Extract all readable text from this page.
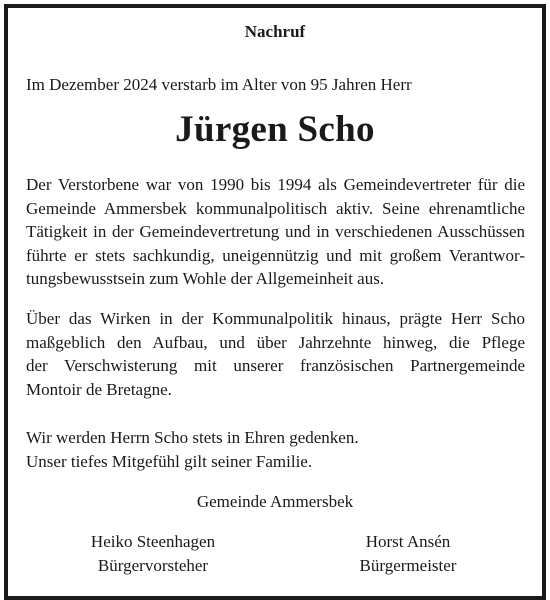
Nachruf
Im Dezember 2024 verstarb im Alter von 95 Jahren Herr
Jürgen Scho

Der Verstorbene war von 1990 bis 1994 als Gemeindevertreter für die
Gemeinde Ammersbek kommunalpolitisch aktiv. Seine ehrenamtliche
Tätigkeit in der Gemeindevertretung und in verschiedenen Ausschüssen
führte er stets sachkundig, uneigennützig und mit großem Verantwor-
tungsbewusstsein zum Wohle der Allgemeinheit aus.

Über das Wirken in der Kommunalpolitik hinaus, prägte Herr Scho
maßgeblich den Aufbau, und über Jahrzehnte hinweg, die Pflege
der Verschwisterung mit unserer französischen Partnergemeinde
Montoir de Bretagne.

Wir werden Herrn Scho stets in Ehren gedenken.
Unser tiefes Mitgefühl gilt seiner Familie.

Gemeinde Ammersbek
Heiko Steenhagen
Bürgervorsteher
Horst Ansén
Bürgermeister
